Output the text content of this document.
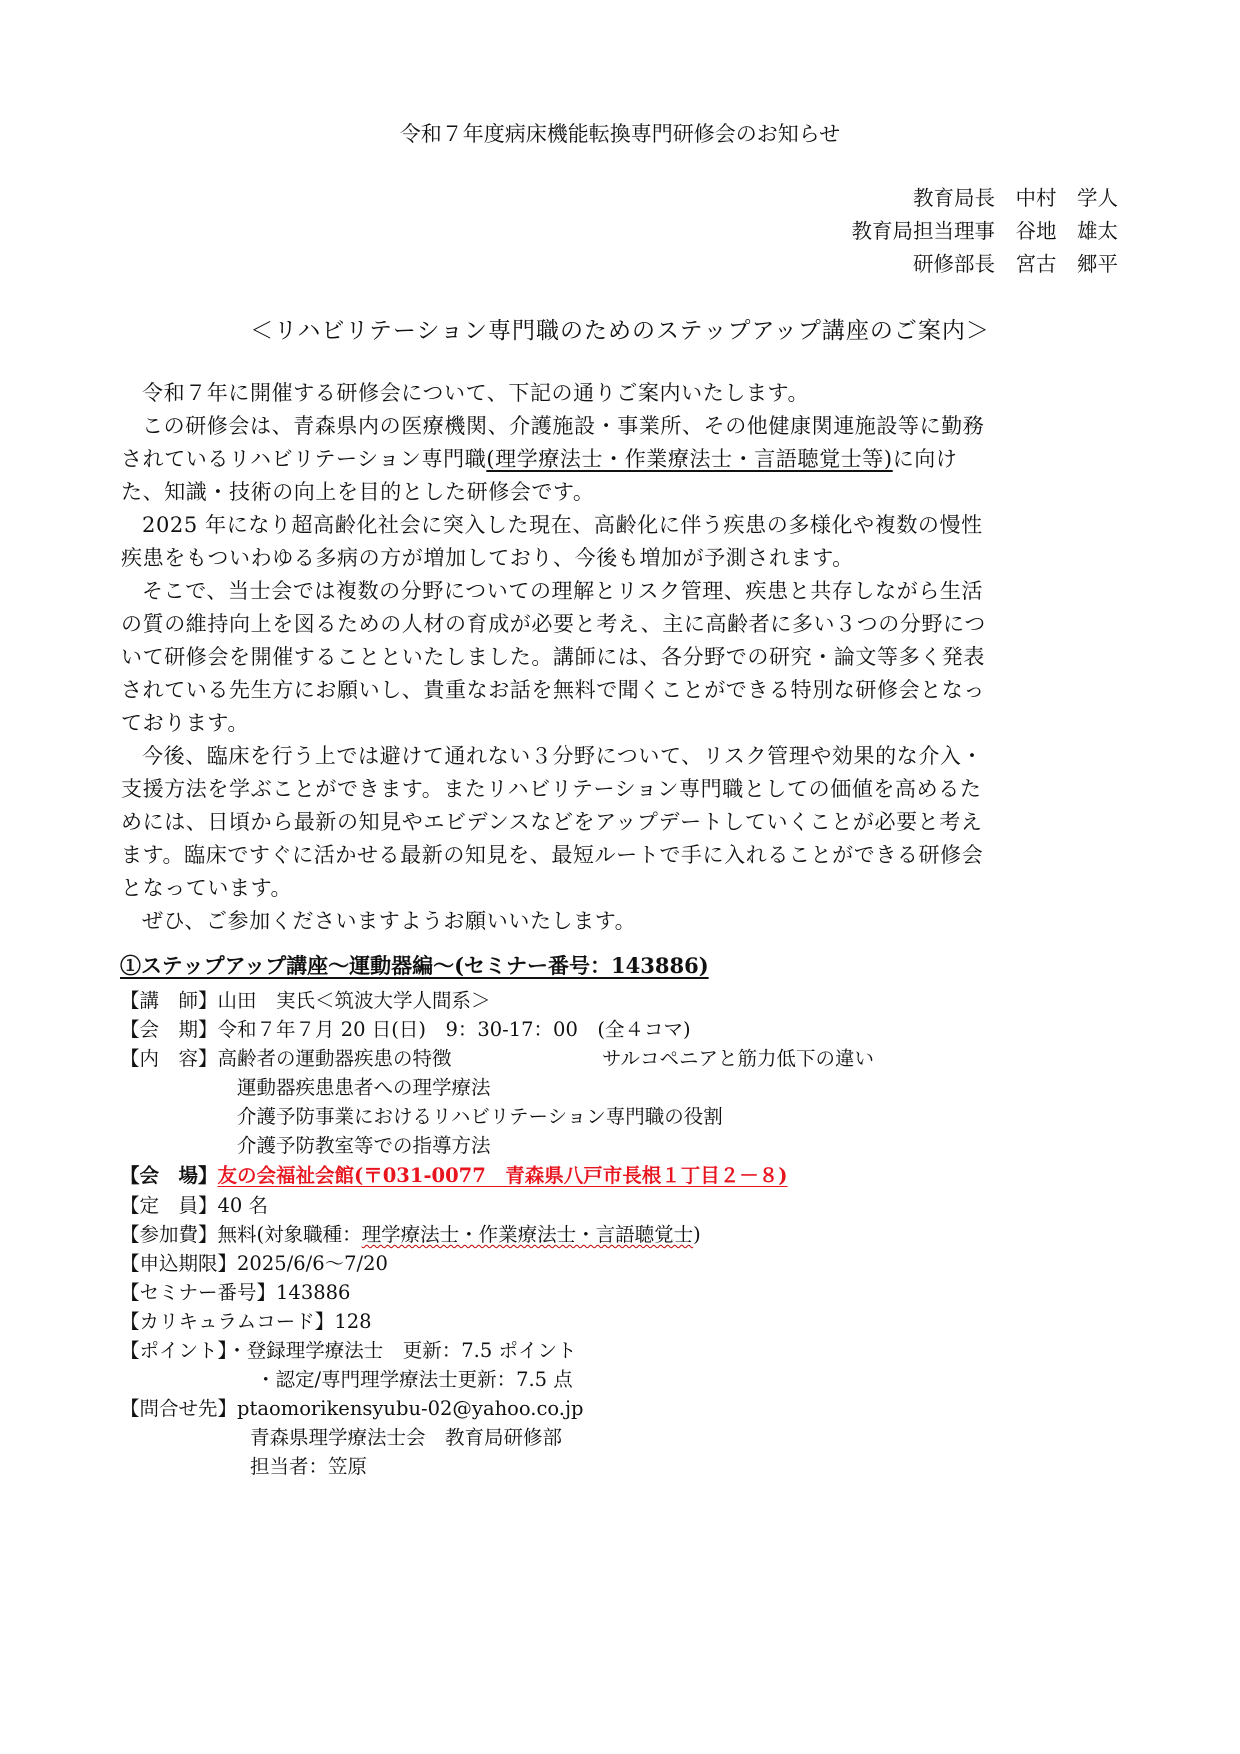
令和７年度病床機能転換専門研修会のお知らせ
教育局長　中村　学人
教育局担当理事　谷地　雄太
研修部長　宮古　郷平
＜リハビリテーション専門職のためのステップアップ講座のご案内＞
令和７年に開催する研修会について、下記の通りご案内いたします。
この研修会は、青森県内の医療機関、介護施設・事業所、その他健康関連施設等に勤務
されているリハビリテーション専門職(理学療法士・作業療法士・言語聴覚士等)に向け
た、知識・技術の向上を目的とした研修会です。
2025 年になり超高齢化社会に突入した現在、高齢化に伴う疾患の多様化や複数の慢性
疾患をもついわゆる多病の方が増加しており、今後も増加が予測されます。
そこで、当士会では複数の分野についての理解とリスク管理、疾患と共存しながら生活
の質の維持向上を図るための人材の育成が必要と考え、主に高齢者に多い３つの分野につ
いて研修会を開催することといたしました。講師には、各分野での研究・論文等多く発表
されている先生方にお願いし、貴重なお話を無料で聞くことができる特別な研修会となっ
ております。
今後、臨床を行う上では避けて通れない３分野について、リスク管理や効果的な介入・
支援方法を学ぶことができます。またリハビリテーション専門職としての価値を高めるた
めには、日頃から最新の知見やエビデンスなどをアップデートしていくことが必要と考え
ます。臨床ですぐに活かせる最新の知見を、最短ルートで手に入れることができる研修会
となっています。
ぜひ、ご参加くださいますようお願いいたします。
①ステップアップ講座～運動器編～(セミナー番号：143886)
【講　師】山田　実氏＜筑波大学人間系＞
【会　期】令和７年７月 20 日(日)　9：30-17：00　(全４コマ)
【内　容】高齢者の運動器疾患の特徴	サルコペニアと筋力低下の違い
運動器疾患患者への理学療法
介護予防事業におけるリハビリテーション専門職の役割
介護予防教室等での指導方法
【会　場】友の会福祉会館(〒031-0077　青森県八戸市長根１丁目２－８)
【定　員】40 名
【参加費】無料(対象職種：理学療法士・作業療法士・言語聴覚士)
【申込期限】2025/6/6～7/20
【セミナー番号】143886
【カリキュラムコード】128
【ポイント】・登録理学療法士　更新：7.5 ポイント
・認定/専門理学療法士更新：7.5 点
【問合せ先】ptaomorikensyubu-02@yahoo.co.jp
青森県理学療法士会　教育局研修部
担当者：笠原
